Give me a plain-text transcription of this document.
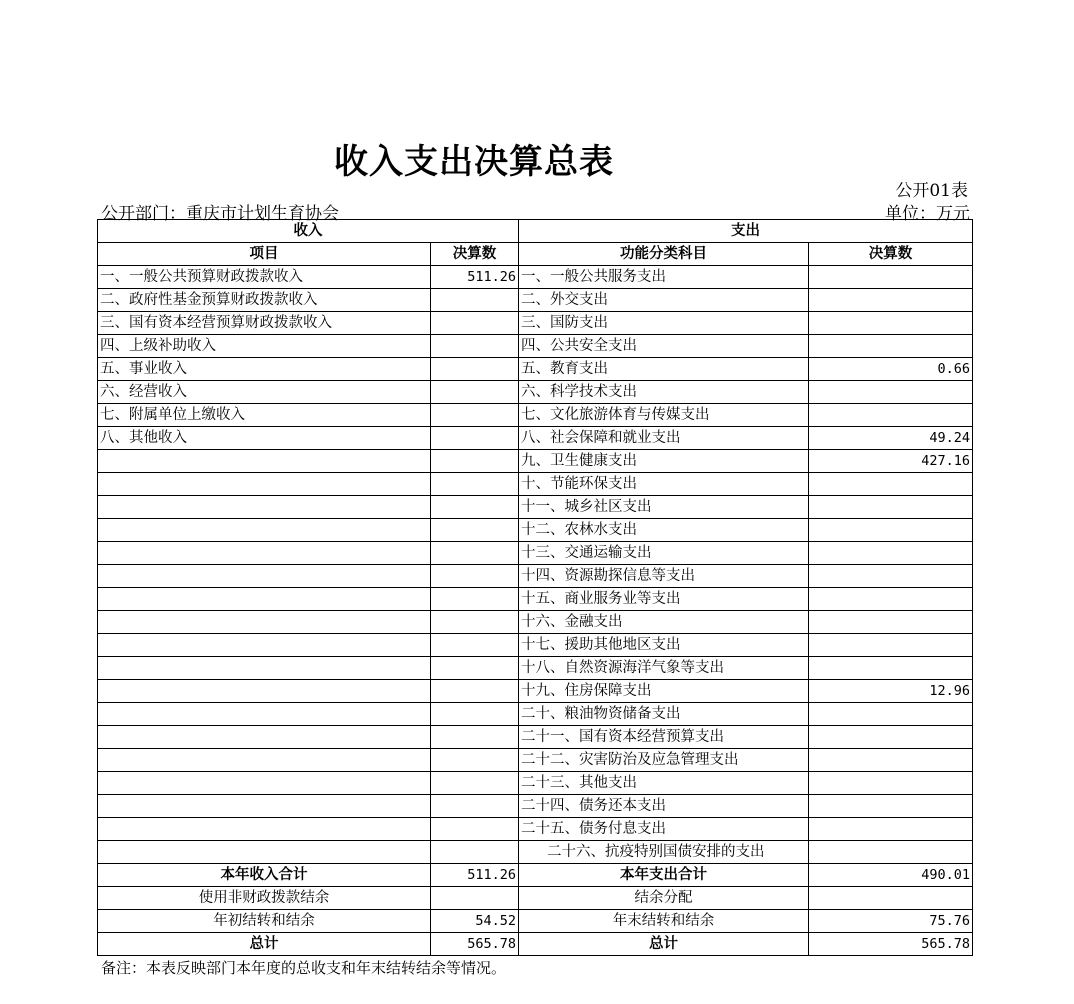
收入支出决算总表
公开01表
公开部门：重庆市计划生育协会	单位：万元
收入		支出	
项目	决算数	功能分类科目	决算数
一、一般公共预算财政拨款收入	511.26	一、一般公共服务支出	
二、政府性基金预算财政拨款收入		二、外交支出	
三、国有资本经营预算财政拨款收入		三、国防支出	
四、上级补助收入		四、公共安全支出	
五、事业收入		五、教育支出	0.66
六、经营收入		六、科学技术支出	
七、附属单位上缴收入		七、文化旅游体育与传媒支出	
八、其他收入		八、社会保障和就业支出	49.24
		九、卫生健康支出	427.16
		十、节能环保支出	
		十一、城乡社区支出	
		十二、农林水支出	
		十三、交通运输支出	
		十四、资源勘探信息等支出	
		十五、商业服务业等支出	
		十六、金融支出	
		十七、援助其他地区支出	
		十八、自然资源海洋气象等支出	
		十九、住房保障支出	12.96
		二十、粮油物资储备支出	
		二十一、国有资本经营预算支出	
		二十二、灾害防治及应急管理支出	
		二十三、其他支出	
		二十四、债务还本支出	
		二十五、债务付息支出	
		二十六、抗疫特别国债安排的支出	
本年收入合计	511.26	本年支出合计	490.01
使用非财政拨款结余		结余分配	
年初结转和结余	54.52	年末结转和结余	75.76
总计	565.78	总计	565.78
备注：本表反映部门本年度的总收支和年末结转结余等情况。
